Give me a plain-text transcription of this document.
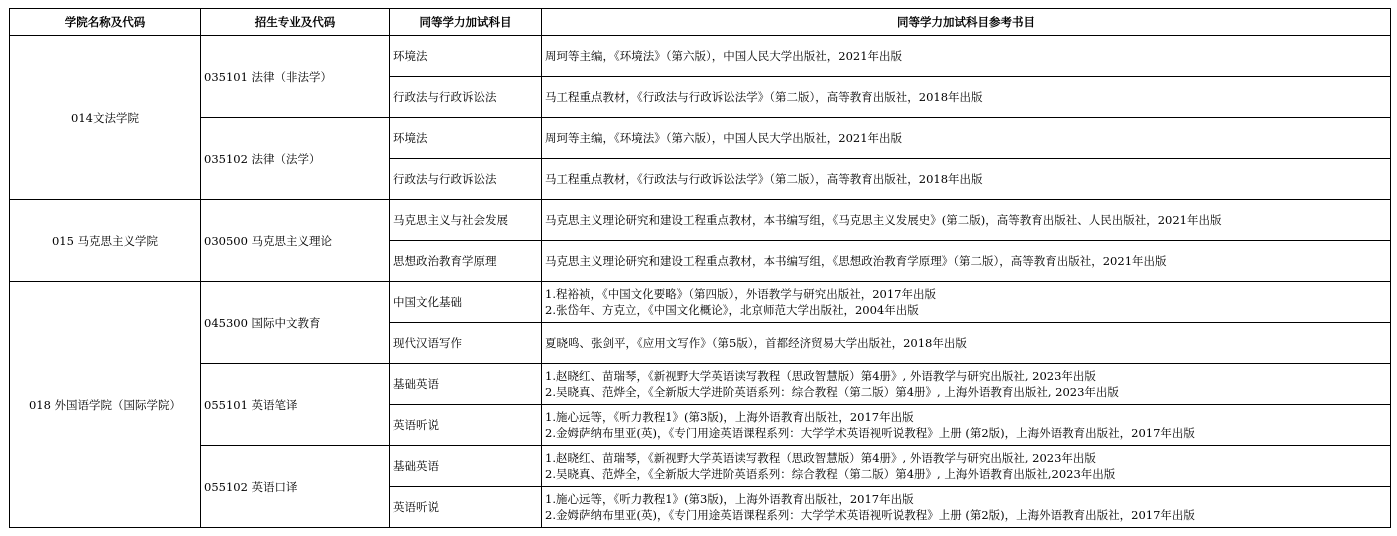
学院名称及代码	招生专业及代码	同等学力加试科目	同等学力加试科目参考书目
014文法学院	035101 法律（非法学）	环境法	周珂等主编，《环境法》（第六版），中国人民大学出版社，2021年出版

		行政法与行政诉讼法	马工程重点教材，《行政法与行政诉讼法学》（第二版），高等教育出版社，2018年出版

	035102 法律（法学）	环境法	周珂等主编，《环境法》（第六版），中国人民大学出版社，2021年出版

		行政法与行政诉讼法	马工程重点教材，《行政法与行政诉讼法学》（第二版），高等教育出版社，2018年出版

015 马克思主义学院	030500 马克思主义理论	马克思主义与社会发展	马克思主义理论研究和建设工程重点教材，本书编写组，《马克思主义发展史》(第二版)，高等教育出版社、人民出版社，2021年出版

		思想政治教育学原理	马克思主义理论研究和建设工程重点教材，本书编写组，《思想政治教育学原理》（第二版），高等教育出版社，2021年出版

018 外国语学院（国际学院）	045300 国际中文教育	中国文化基础	1.程裕祯，《中国文化要略》（第四版），外语教学与研究出版社，2017年出版
2.张岱年、方克立，《中国文化概论》，北京师范大学出版社，2004年出版

		现代汉语写作	夏晓鸣、张剑平，《应用文写作》（第5版），首都经济贸易大学出版社，2018年出版

	055101 英语笔译	基础英语	1.赵晓红、苗瑞琴，《新视野大学英语读写教程（思政智慧版）第4册》, 外语教学与研究出版社, 2023年出版
2.吴晓真、范烨全，《全新版大学进阶英语系列：综合教程（第二版）第4册》, 上海外语教育出版社, 2023年出版

		英语听说	1.施心远等，《听力教程1》(第3版)，上海外语教育出版社，2017年出版
2.金姆萨纳布里亚(英)，《专门用途英语课程系列：大学学术英语视听说教程》上册 (第2版)，上海外语教育出版社，2017年出版

	055102 英语口译	基础英语	1.赵晓红、苗瑞琴，《新视野大学英语读写教程（思政智慧版）第4册》, 外语教学与研究出版社, 2023年出版
2.吴晓真、范烨全，《全新版大学进阶英语系列：综合教程（第二版）第4册》, 上海外语教育出版社,2023年出版

		英语听说	1.施心远等，《听力教程1》(第3版)，上海外语教育出版社，2017年出版
2.金姆萨纳布里亚(英)，《专门用途英语课程系列：大学学术英语视听说教程》上册 (第2版)，上海外语教育出版社，2017年出版
